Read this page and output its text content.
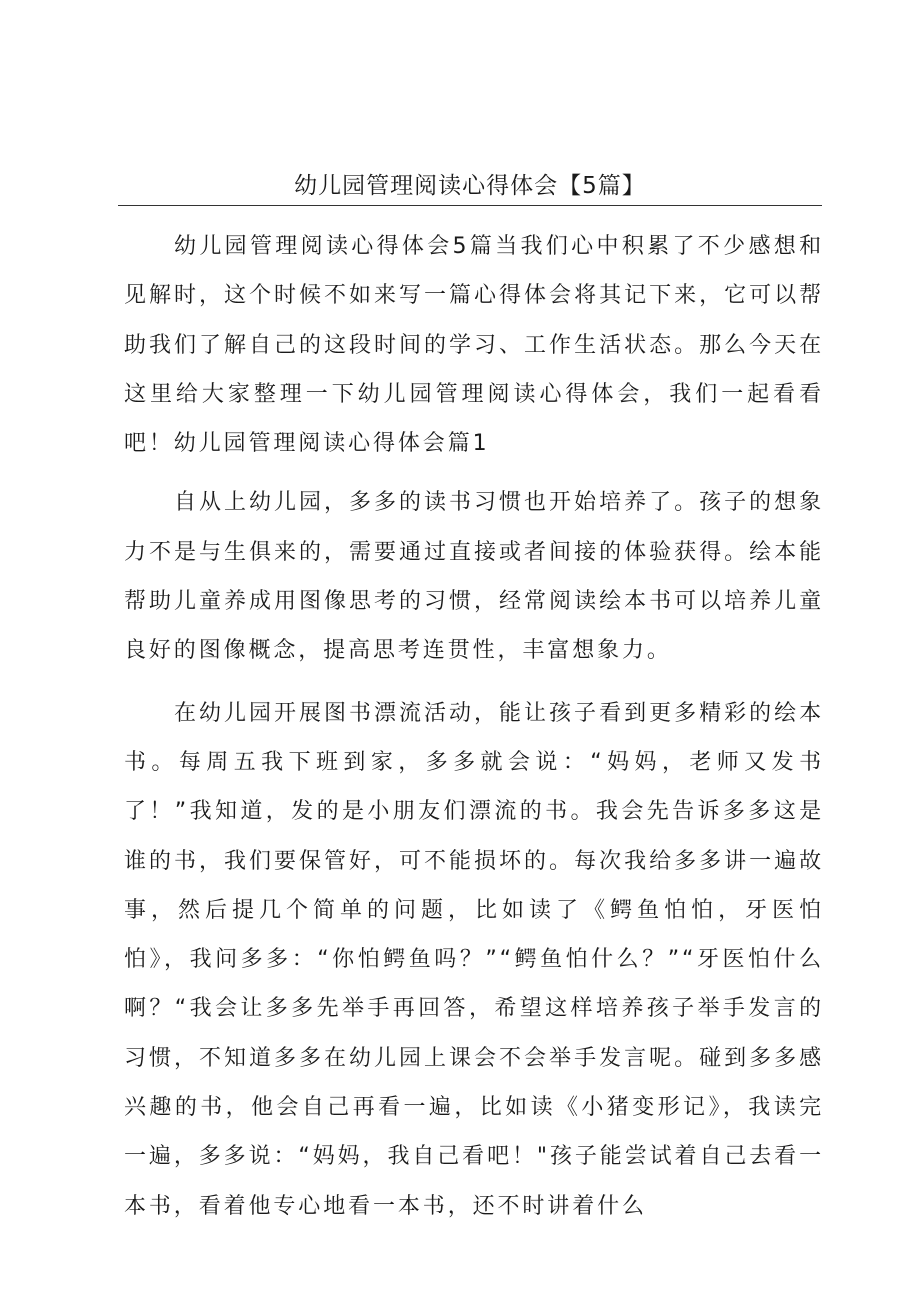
幼儿园管理阅读心得体会【5篇】

幼儿园管理阅读心得体会5篇当我们心中积累了不少感想和见解时，这个时候不如来写一篇心得体会将其记下来，它可以帮助我们了解自己的这段时间的学习、工作生活状态。那么今天在这里给大家整理一下幼儿园管理阅读心得体会，我们一起看看吧！幼儿园管理阅读心得体会篇1

自从上幼儿园，多多的读书习惯也开始培养了。孩子的想象力不是与生俱来的，需要通过直接或者间接的体验获得。绘本能帮助儿童养成用图像思考的习惯，经常阅读绘本书可以培养儿童良好的图像概念，提高思考连贯性，丰富想象力。

在幼儿园开展图书漂流活动，能让孩子看到更多精彩的绘本书。每周五我下班到家，多多就会说：“妈妈，老师又发书了！”我知道，发的是小朋友们漂流的书。我会先告诉多多这是谁的书，我们要保管好，可不能损坏的。每次我给多多讲一遍故事，然后提几个简单的问题，比如读了《鳄鱼怕怕，牙医怕怕》，我问多多：“你怕鳄鱼吗？”“鳄鱼怕什么？”“牙医怕什么啊？“我会让多多先举手再回答，希望这样培养孩子举手发言的习惯，不知道多多在幼儿园上课会不会举手发言呢。碰到多多感兴趣的书，他会自己再看一遍，比如读《小猪变形记》，我读完一遍，多多说：“妈妈，我自己看吧！"孩子能尝试着自己去看一本书，看着他专心地看一本书，还不时讲着什么
